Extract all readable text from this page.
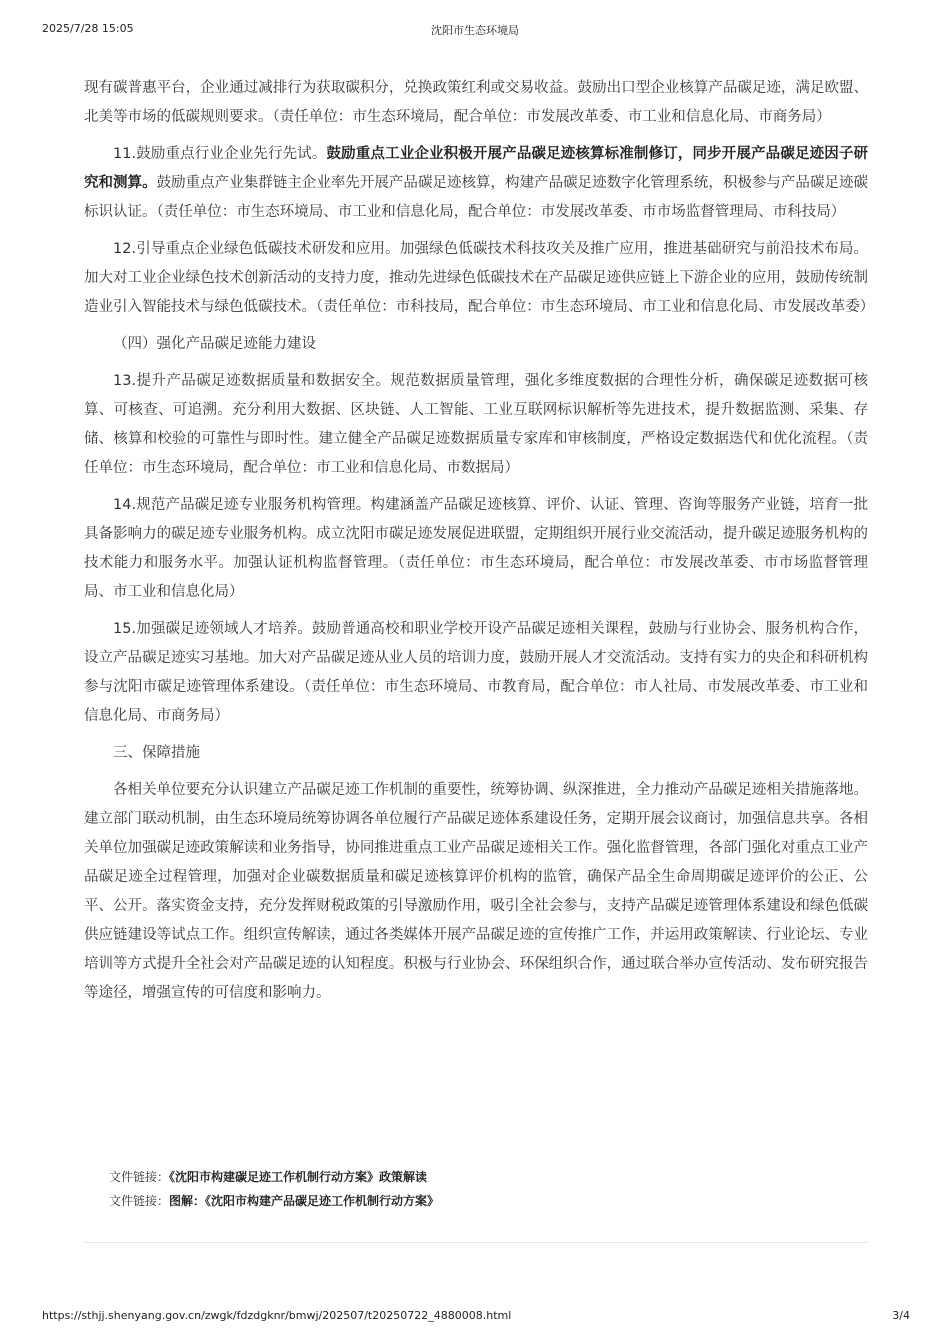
2025/7/28 15:05	沈阳市生态环境局

现有碳普惠平台，企业通过减排行为获取碳积分，兑换政策红利或交易收益。鼓励出口型企业核算产品碳足迹，满足欧盟、北美等市场的低碳规则要求。（责任单位：市生态环境局，配合单位：市发展改革委、市工业和信息化局、市商务局）

11.鼓励重点行业企业先行先试。鼓励重点工业企业积极开展产品碳足迹核算标准制修订，同步开展产品碳足迹因子研究和测算。鼓励重点产业集群链主企业率先开展产品碳足迹核算，构建产品碳足迹数字化管理系统，积极参与产品碳足迹碳标识认证。（责任单位：市生态环境局、市工业和信息化局，配合单位：市发展改革委、市市场监督管理局、市科技局）

12.引导重点企业绿色低碳技术研发和应用。加强绿色低碳技术科技攻关及推广应用，推进基础研究与前沿技术布局。加大对工业企业绿色技术创新活动的支持力度，推动先进绿色低碳技术在产品碳足迹供应链上下游企业的应用，鼓励传统制造业引入智能技术与绿色低碳技术。（责任单位：市科技局，配合单位：市生态环境局、市工业和信息化局、市发展改革委）

（四）强化产品碳足迹能力建设

13.提升产品碳足迹数据质量和数据安全。规范数据质量管理，强化多维度数据的合理性分析，确保碳足迹数据可核算、可核查、可追溯。充分利用大数据、区块链、人工智能、工业互联网标识解析等先进技术，提升数据监测、采集、存储、核算和校验的可靠性与即时性。建立健全产品碳足迹数据质量专家库和审核制度，严格设定数据迭代和优化流程。（责任单位：市生态环境局，配合单位：市工业和信息化局、市数据局）

14.规范产品碳足迹专业服务机构管理。构建涵盖产品碳足迹核算、评价、认证、管理、咨询等服务产业链，培育一批具备影响力的碳足迹专业服务机构。成立沈阳市碳足迹发展促进联盟，定期组织开展行业交流活动，提升碳足迹服务机构的技术能力和服务水平。加强认证机构监督管理。（责任单位：市生态环境局，配合单位：市发展改革委、市市场监督管理局、市工业和信息化局）

15.加强碳足迹领域人才培养。鼓励普通高校和职业学校开设产品碳足迹相关课程，鼓励与行业协会、服务机构合作，设立产品碳足迹实习基地。加大对产品碳足迹从业人员的培训力度，鼓励开展人才交流活动。支持有实力的央企和科研机构参与沈阳市碳足迹管理体系建设。（责任单位：市生态环境局、市教育局，配合单位：市人社局、市发展改革委、市工业和信息化局、市商务局）

三、保障措施

各相关单位要充分认识建立产品碳足迹工作机制的重要性，统筹协调、纵深推进，全力推动产品碳足迹相关措施落地。建立部门联动机制，由生态环境局统筹协调各单位履行产品碳足迹体系建设任务，定期开展会议商讨，加强信息共享。各相关单位加强碳足迹政策解读和业务指导，协同推进重点工业产品碳足迹相关工作。强化监督管理，各部门强化对重点工业产品碳足迹全过程管理，加强对企业碳数据质量和碳足迹核算评价机构的监管，确保产品全生命周期碳足迹评价的公正、公平、公开。落实资金支持，充分发挥财税政策的引导激励作用，吸引全社会参与，支持产品碳足迹管理体系建设和绿色低碳供应链建设等试点工作。组织宣传解读，通过各类媒体开展产品碳足迹的宣传推广工作，并运用政策解读、行业论坛、专业培训等方式提升全社会对产品碳足迹的认知程度。积极与行业协会、环保组织合作，通过联合举办宣传活动、发布研究报告等途径，增强宣传的可信度和影响力。

文件链接：《沈阳市构建碳足迹工作机制行动方案》政策解读
文件链接：图解：《沈阳市构建产品碳足迹工作机制行动方案》
https://sthjj.shenyang.gov.cn/zwgk/fdzdgknr/bmwj/202507/t20250722_4880008.html	3/4
